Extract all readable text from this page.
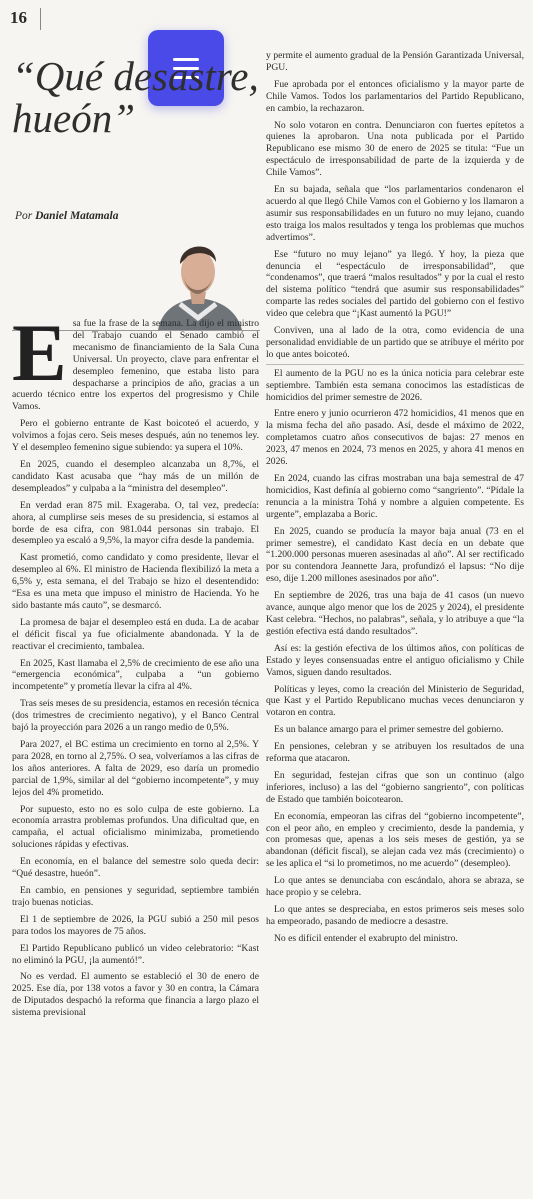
16
“Qué desastre, hueón”
Por Daniel Matamala

Esa fue la frase de la semana. La dijo el ministro del Trabajo cuando el Senado cambió el mecanismo de financiamiento de la Sala Cuna Universal. Un proyecto, clave para enfrentar el desempleo femenino, que estaba listo para despacharse a principios de año, gracias a un acuerdo técnico entre los expertos del progresismo y Chile Vamos.

Pero el gobierno entrante de Kast boicoteó el acuerdo, y volvimos a fojas cero. Seis meses después, aún no tenemos ley. Y el desempleo femenino sigue subiendo: ya supera el 10%.

En 2025, cuando el desempleo alcanzaba un 8,7%, el candidato Kast acusaba que “hay más de un millón de desempleados” y culpaba a la “ministra del desempleo”.

En verdad eran 875 mil. Exageraba. O, tal vez, predecía: ahora, al cumplirse seis meses de su presidencia, si estamos al borde de esa cifra, con 981.044 personas sin trabajo. El desempleo ya escaló a 9,5%, la mayor cifra desde la pandemia.

Kast prometió, como candidato y como presidente, llevar el desempleo al 6%. El ministro de Hacienda flexibilizó la meta a 6,5% y, esta semana, el del Trabajo se hizo el desentendido: “Esa es una meta que impuso el ministro de Hacienda. Yo he sido bastante más cauto”, se desmarcó.

La promesa de bajar el desempleo está en duda. La de acabar el déficit fiscal ya fue oficialmente abandonada. Y la de reactivar el crecimiento, tambalea.

En 2025, Kast llamaba el 2,5% de crecimiento de ese año una “emergencia económica”, culpaba a “un gobierno incompetente” y prometía llevar la cifra al 4%.

Tras seis meses de su presidencia, estamos en recesión técnica (dos trimestres de crecimiento negativo), y el Banco Central bajó la proyección para 2026 a un rango medio de 0,5%.

Para 2027, el BC estima un crecimiento en torno al 2,5%. Y para 2028, en torno al 2,75%. O sea, volveríamos a las cifras de los años anteriores. A falta de 2029, eso daría un promedio parcial de 1,9%, similar al del “gobierno incompetente”, y muy lejos del 4% prometido.

Por supuesto, esto no es solo culpa de este gobierno. La economía arrastra problemas profundos. Una dificultad que, en campaña, el actual oficialismo minimizaba, prometiendo soluciones rápidas y efectivas.

En economía, en el balance del semestre solo queda decir: “Qué desastre, hueón”.

En cambio, en pensiones y seguridad, septiembre también trajo buenas noticias.

El 1 de septiembre de 2026, la PGU subió a 250 mil pesos para todos los mayores de 75 años.

El Partido Republicano publicó un video celebratorio: “Kast no eliminó la PGU, ¡la aumentó!”.

No es verdad. El aumento se estableció el 30 de enero de 2025. Ese día, por 138 votos a favor y 30 en contra, la Cámara de Diputados despachó la reforma que financia a largo plazo el sistema previsional

y permite el aumento gradual de la Pensión Garantizada Universal, PGU.

Fue aprobada por el entonces oficialismo y la mayor parte de Chile Vamos. Todos los parlamentarios del Partido Republicano, en cambio, la rechazaron.

No solo votaron en contra. Denunciaron con fuertes epítetos a quienes la aprobaron. Una nota publicada por el Partido Republicano ese mismo 30 de enero de 2025 se titula: “Fue un espectáculo de irresponsabilidad de parte de la izquierda y de Chile Vamos”.

En su bajada, señala que “los parlamentarios condenaron el acuerdo al que llegó Chile Vamos con el Gobierno y los llamaron a asumir sus responsabilidades en un futuro no muy lejano, cuando esto traiga los malos resultados y tenga los problemas que muchos advertimos”.

Ese “futuro no muy lejano” ya llegó. Y hoy, la pieza que denuncia el “espectáculo de irresponsabilidad”, que “condenamos”, que traerá “malos resultados” y por la cual el resto del sistema político “tendrá que asumir sus responsabilidades” comparte las redes sociales del partido del gobierno con el festivo video que celebra que “¡Kast aumentó la PGU!”

Conviven, una al lado de la otra, como evidencia de una personalidad envidiable de un partido que se atribuye el mérito por lo que antes boicoteó.

El aumento de la PGU no es la única noticia para celebrar este septiembre. También esta semana conocimos las estadísticas de homicidios del primer semestre de 2026.

Entre enero y junio ocurrieron 472 homicidios, 41 menos que en la misma fecha del año pasado. Así, desde el máximo de 2022, completamos cuatro años consecutivos de bajas: 27 menos en 2023, 47 menos en 2024, 73 menos en 2025, y ahora 41 menos en 2026.

En 2024, cuando las cifras mostraban una baja semestral de 47 homicidios, Kast definía al gobierno como “sangriento”. “Pídale la renuncia a la ministra Tohá y nombre a alguien competente. Es urgente”, emplazaba a Boric.

En 2025, cuando se producía la mayor baja anual (73 en el primer semestre), el candidato Kast decía en un debate que “1.200.000 personas mueren asesinadas al año”. Al ser rectificado por su contendora Jeannette Jara, profundizó el lapsus: “No dije eso, dije 1.200 millones asesinados por año”.

En septiembre de 2026, tras una baja de 41 casos (un nuevo avance, aunque algo menor que los de 2025 y 2024), el presidente Kast celebra. “Hechos, no palabras”, señala, y lo atribuye a que “la gestión efectiva está dando resultados”.

Así es: la gestión efectiva de los últimos años, con políticas de Estado y leyes consensuadas entre el antiguo oficialismo y Chile Vamos, siguen dando resultados.

Políticas y leyes, como la creación del Ministerio de Seguridad, que Kast y el Partido Republicano muchas veces denunciaron y votaron en contra.

Es un balance amargo para el primer semestre del gobierno.

En pensiones, celebran y se atribuyen los resultados de una reforma que atacaron.

En seguridad, festejan cifras que son un continuo (algo inferiores, incluso) a las del “gobierno sangriento”, con políticas de Estado que también boicotearon.

En economía, empeoran las cifras del “gobierno incompetente”, con el peor año, en empleo y crecimiento, desde la pandemia, y con promesas que, apenas a los seis meses de gestión, ya se abandonan (déficit fiscal), se alejan cada vez más (crecimiento) o se les aplica el “si lo prometimos, no me acuerdo” (desempleo).

Lo que antes se denunciaba con escándalo, ahora se abraza, se hace propio y se celebra.

Lo que antes se despreciaba, en estos primeros seis meses solo ha empeorado, pasando de mediocre a desastre.

No es difícil entender el exabrupto del ministro.
